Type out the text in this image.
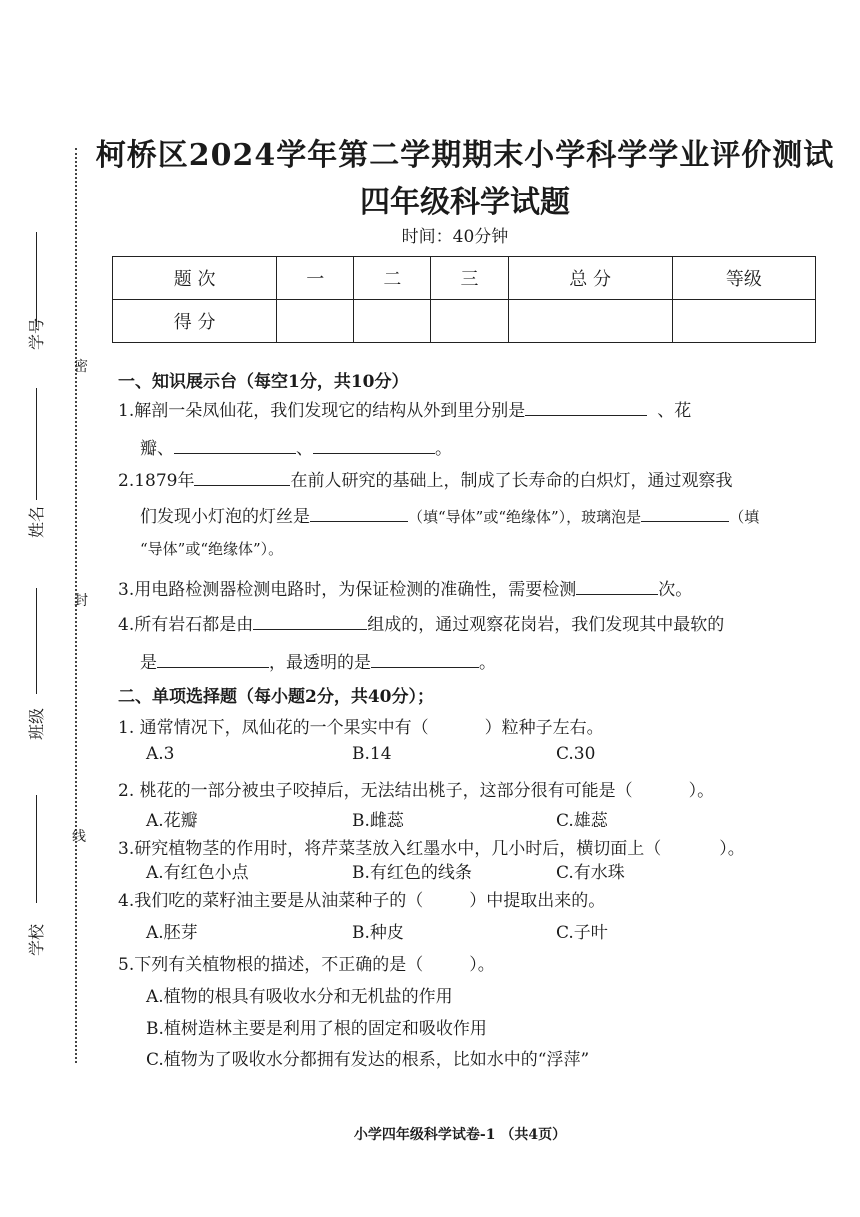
学号
姓名
班级
学校
密
封
线
柯桥区2024学年第二学期期末小学科学学业评价测试
四年级科学试题
时间：40分钟
题 次	一	二	三	总 分	等级
得 分					
一、知识展示台（每空1分，共10分）
1.解剖一朵凤仙花，我们发现它的结构从外到里分别是	、花
瓣、	、	。
2.1879年	在前人研究的基础上，制成了长寿命的白炽灯，通过观察我
们发现小灯泡的灯丝是	（填“导体”或“绝缘体”），玻璃泡是	（填
“导体”或“绝缘体”）。
3.用电路检测器检测电路时，为保证检测的准确性，需要检测	次。
4.所有岩石都是由	组成的，通过观察花岗岩，我们发现其中最软的
是	，最透明的是	。
二、单项选择题（每小题2分，共40分）；
1. 通常情况下，凤仙花的一个果实中有（	）粒种子左右。
A.3	B.14	C.30
2. 桃花的一部分被虫子咬掉后，无法结出桃子，这部分很有可能是（	）。
A.花瓣	B.雌蕊	C.雄蕊
3.研究植物茎的作用时，将芹菜茎放入红墨水中，几小时后，横切面上（	）。
A.有红色小点	B.有红色的线条	C.有水珠
4.我们吃的菜籽油主要是从油菜种子的（	）中提取出来的。
A.胚芽	B.种皮	C.子叶
5.下列有关植物根的描述，不正确的是（	）。
A.植物的根具有吸收水分和无机盐的作用
B.植树造林主要是利用了根的固定和吸收作用
C.植物为了吸收水分都拥有发达的根系，比如水中的“浮萍”
小学四年级科学试卷-1 （共4页）
